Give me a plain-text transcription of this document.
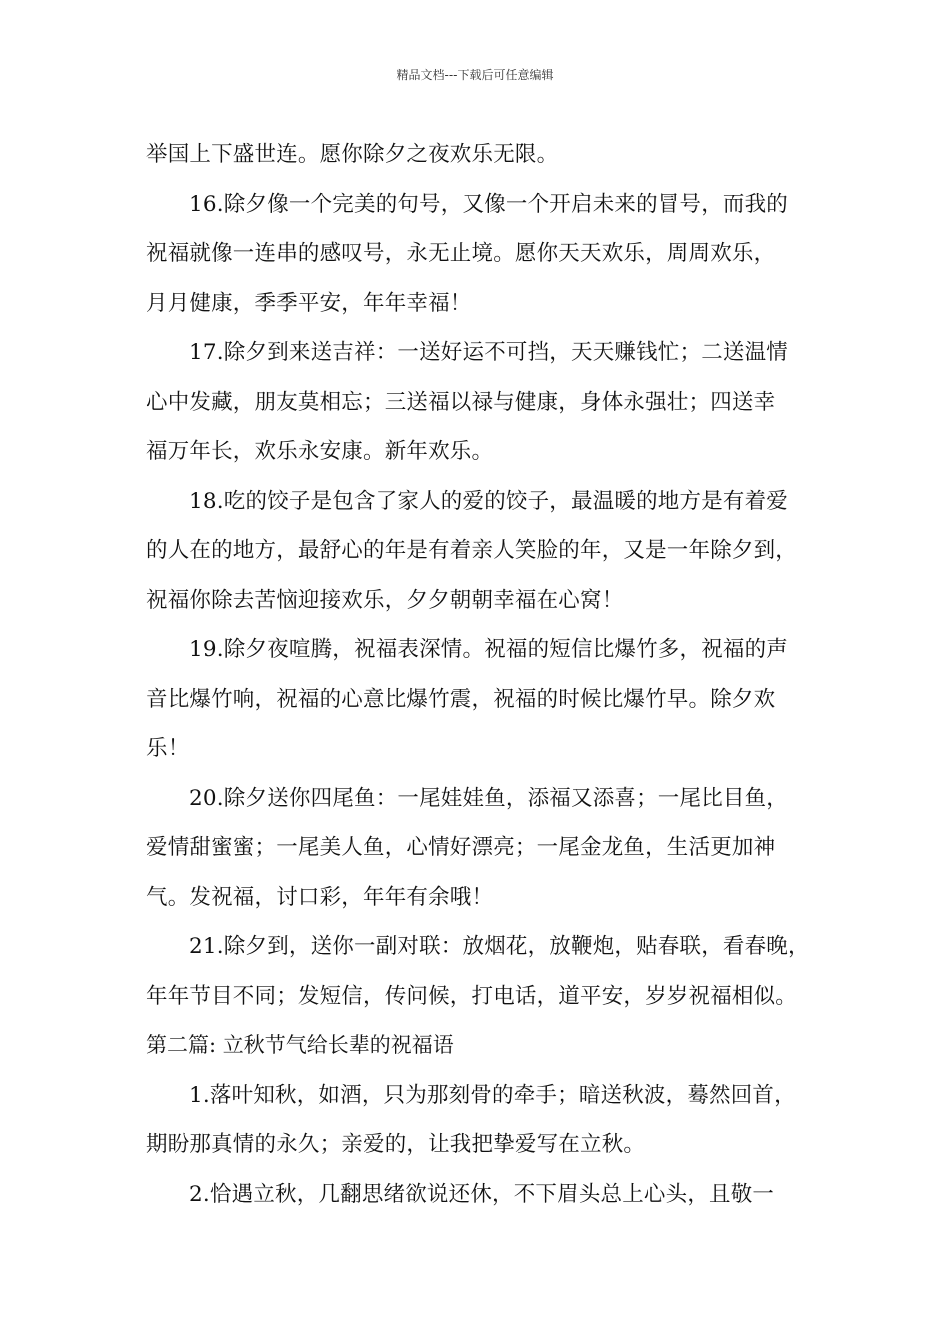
精品文档---下载后可任意编辑
举国上下盛世连。愿你除夕之夜欢乐无限。
16.除夕像一个完美的句号，又像一个开启未来的冒号，而我的
祝福就像一连串的感叹号，永无止境。愿你天天欢乐，周周欢乐，
月月健康，季季平安，年年幸福！
17.除夕到来送吉祥：一送好运不可挡，天天赚钱忙；二送温情
心中发藏，朋友莫相忘；三送福以禄与健康，身体永强壮；四送幸
福万年长，欢乐永安康。新年欢乐。
18.吃的饺子是包含了家人的爱的饺子，最温暖的地方是有着爱
的人在的地方，最舒心的年是有着亲人笑脸的年，又是一年除夕到，
祝福你除去苦恼迎接欢乐，夕夕朝朝幸福在心窝！
19.除夕夜喧腾，祝福表深情。祝福的短信比爆竹多，祝福的声
音比爆竹响，祝福的心意比爆竹震，祝福的时候比爆竹早。除夕欢
乐！
20.除夕送你四尾鱼：一尾娃娃鱼，添福又添喜；一尾比目鱼，
爱情甜蜜蜜；一尾美人鱼，心情好漂亮；一尾金龙鱼，生活更加神
气。发祝福，讨口彩，年年有余哦！
21.除夕到，送你一副对联：放烟花，放鞭炮，贴春联，看春晚，
年年节目不同；发短信，传问候，打电话，道平安，岁岁祝福相似。
第二篇: 立秋节气给长辈的祝福语
1.落叶知秋，如酒，只为那刻骨的牵手；暗送秋波，蓦然回首，
期盼那真情的永久；亲爱的，让我把挚爱写在立秋。
2.恰遇立秋，几翻思绪欲说还休，不下眉头总上心头，且敬一
